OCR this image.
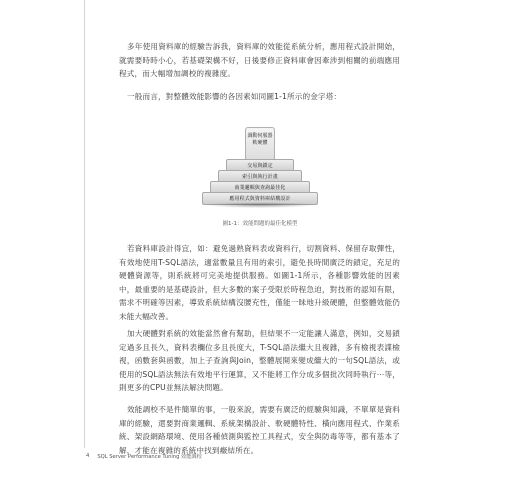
多年使用資料庫的經驗告訴我，資料庫的效能從系統分析，應用程式設計開始，就需要時時小心，若基礎架構不好，日後要修正資料庫會因牽涉到相關的前端應用程式，而大幅增加調校的複雜度。

一般而言，對整體效能影響的各因素如同圖1-1所示的金字塔：

調動伺服器
軟硬體
交易與鎖定
索引與執行計畫
商業邏輯與查詢最佳化
應用程式與資料庫結構設計
圖1-1：效能問題的最佳化模型

若資料庫設計得宜，如：避免過熟資料表或資料行，切割資料、保留存取彈性，有效地使用T-SQL語法，適當數量且有用的索引，避免長時間廣泛的鎖定，充足的硬體資源等，則系統將可完美地提供服務。如圖1-1所示，各種影響效能的因素中，最重要的是基礎設計，但大多數的案子受限於時程急迫，對技術的認知有限，需求不明確等因素，導致系統結構沒腰充性，僅能一昧地升級硬體，但整體效能仍未能大幅改善。

加大硬體對系統的效能當然會有幫助，但結果不一定能讓人滿意，例如，交易鎖定過多且長久，資料表欄位多且長度大，T-SQL語法繼大且複雜，多有檢視表諜檢視，函數套與函數，加上子查詢與Join，整體展開來變成繼大的一句SQL語法，或使用的SQL語法無法有效地平行運算，又不能將工作分成多個批次同時執行⋯等，則更多的CPU並無法解決問題。

效能調校不是件簡單的事，一般來說，需要有廣泛的經驗與知識，不單單是資料庫的經驗，還要對商業邏輯、系統架構設計、軟硬體特性、橫向應用程式、作業系統、架設網路環境、使用各種偵測與監控工具程式，安全與防毒等等，都有基本了解，才能在複雜的系統中找到癥結所在。

4 SQL Server Performance Tuning 效能調校
